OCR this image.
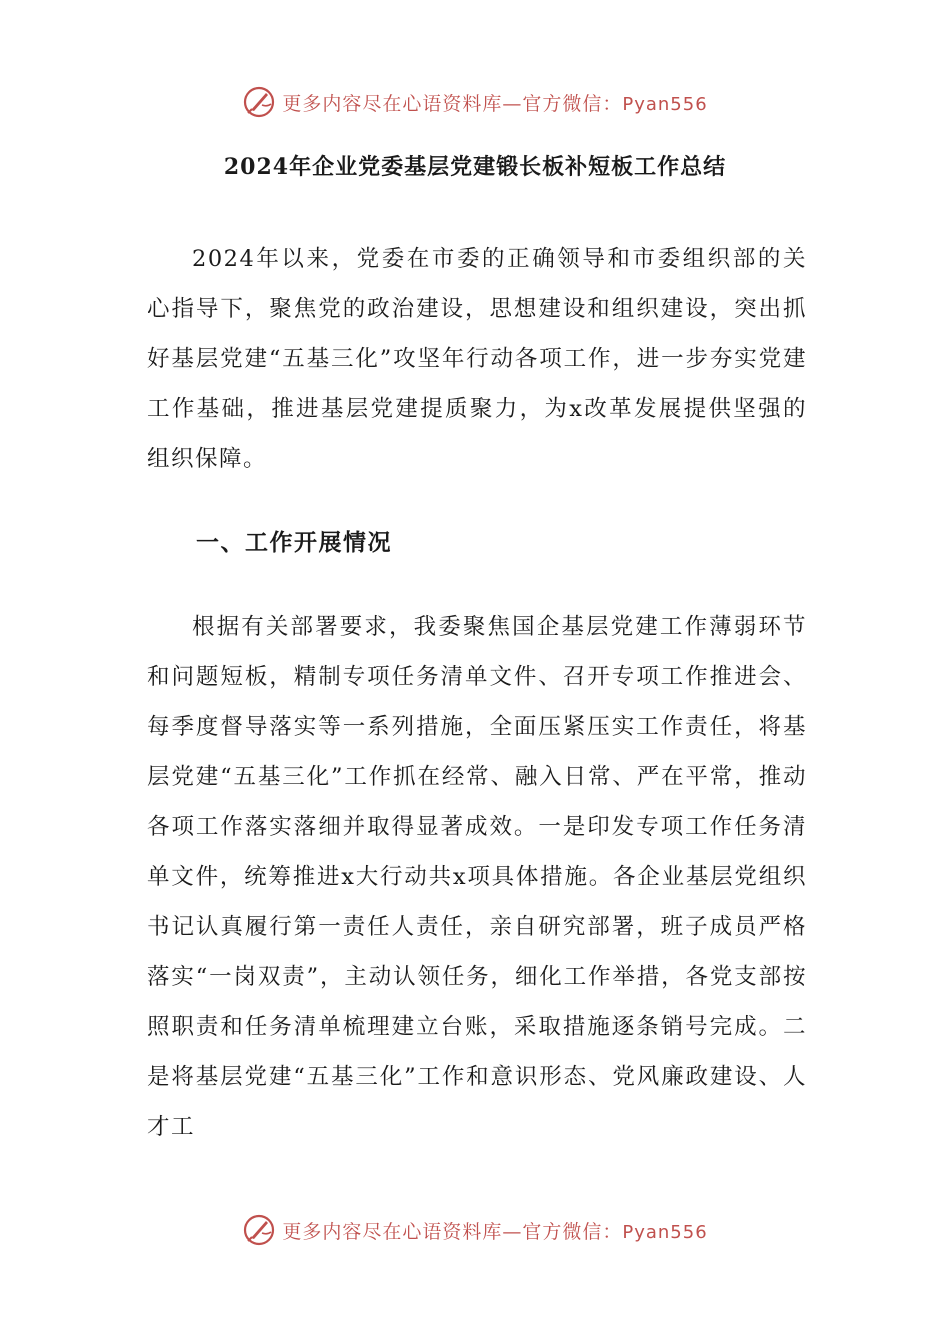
更多内容尽在心语资料库—官方微信：Pyan556
2024年企业党委基层党建锻长板补短板工作总结

2024年以来，党委在市委的正确领导和市委组织部的关心指导下，聚焦党的政治建设，思想建设和组织建设，突出抓好基层党建“五基三化”攻坚年行动各项工作，进一步夯实党建工作基础，推进基层党建提质聚力，为x改革发展提供坚强的组织保障。

一、工作开展情况

根据有关部署要求，我委聚焦国企基层党建工作薄弱环节和问题短板，精制专项任务清单文件、召开专项工作推进会、每季度督导落实等一系列措施，全面压紧压实工作责任，将基层党建“五基三化”工作抓在经常、融入日常、严在平常，推动各项工作落实落细并取得显著成效。一是印发专项工作任务清单文件，统筹推进x大行动共x项具体措施。各企业基层党组织书记认真履行第一责任人责任，亲自研究部署，班子成员严格落实“一岗双责”，主动认领任务，细化工作举措，各党支部按照职责和任务清单梳理建立台账，采取措施逐条销号完成。二是将基层党建“五基三化”工作和意识形态、党风廉政建设、人才工

更多内容尽在心语资料库—官方微信：Pyan556
